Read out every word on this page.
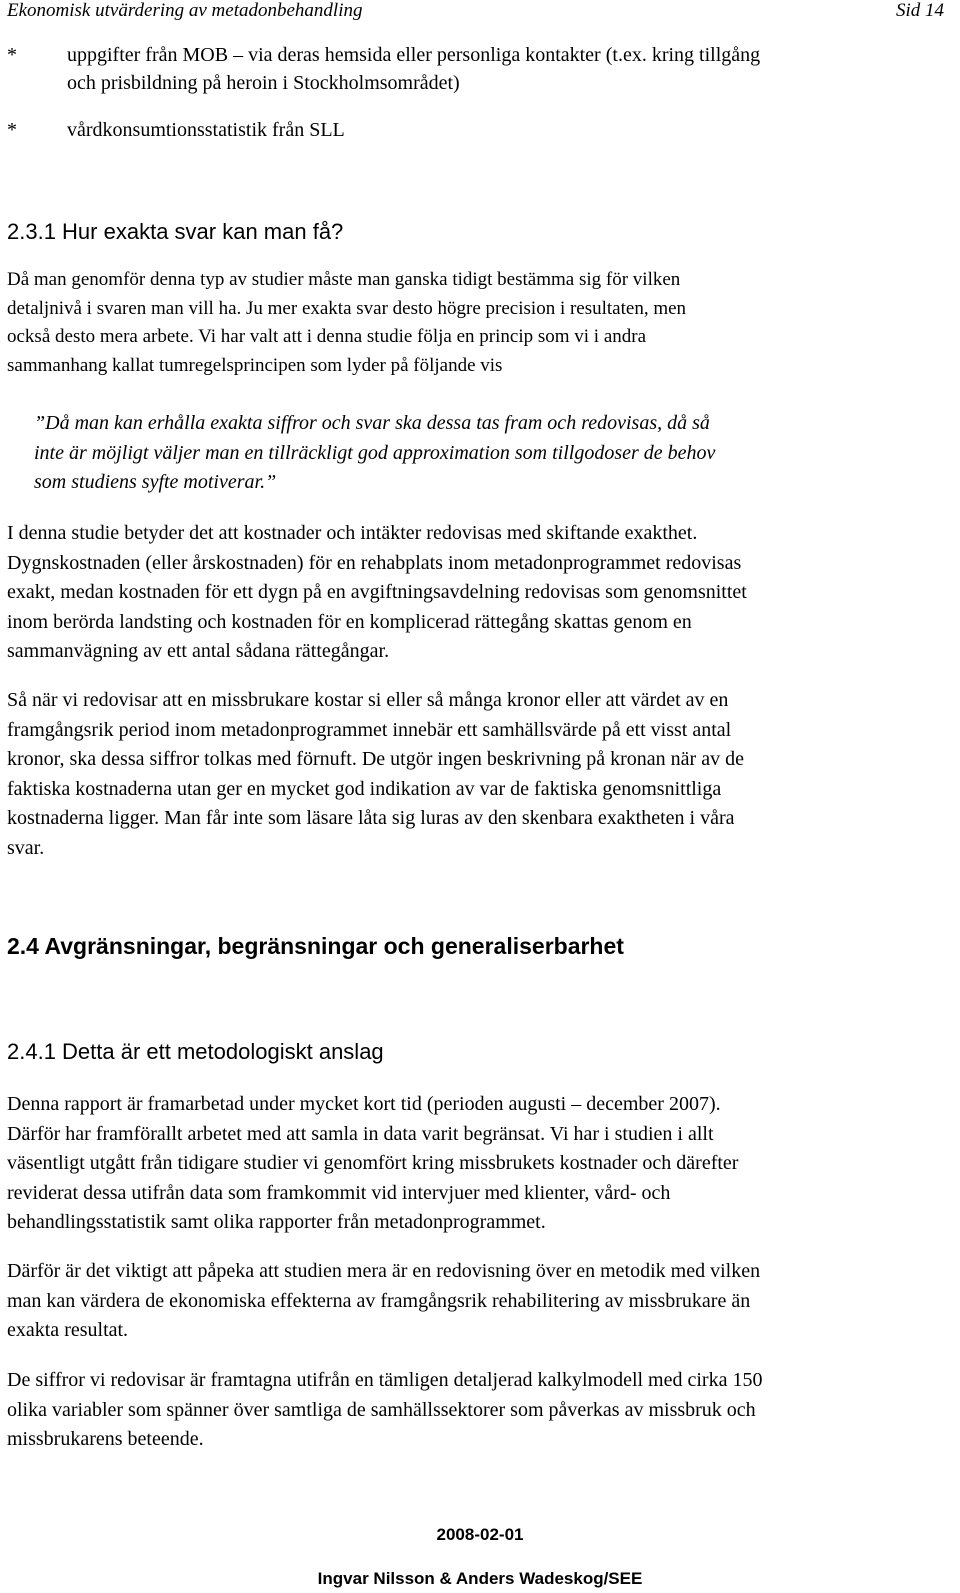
Ekonomisk utvärdering av metadonbehandling	Sid 14
*	uppgifter från MOB – via deras hemsida eller personliga kontakter (t.ex. kring tillgång
och prisbildning på heroin i Stockholmsområdet)
*	vårdkonsumtionsstatistik från SLL
2.3.1 Hur exakta svar kan man få?
Då man genomför denna typ av studier måste man ganska tidigt bestämma sig för vilken
detaljnivå i svaren man vill ha. Ju mer exakta svar desto högre precision i resultaten, men
också desto mera arbete. Vi har valt att i denna studie följa en princip som vi i andra
sammanhang kallat tumregelsprincipen som lyder på följande vis
”Då man kan erhålla exakta siffror och svar ska dessa tas fram och redovisas, då så
inte är möjligt väljer man en tillräckligt god approximation som tillgodoser de behov
som studiens syfte motiverar.”
I denna studie betyder det att kostnader och intäkter redovisas med skiftande exakthet.
Dygnskostnaden (eller årskostnaden) för en rehabplats inom metadonprogrammet redovisas
exakt, medan kostnaden för ett dygn på en avgiftningsavdelning redovisas som genomsnittet
inom berörda landsting och kostnaden för en komplicerad rättegång skattas genom en
sammanvägning av ett antal sådana rättegångar.
Så när vi redovisar att en missbrukare kostar si eller så många kronor eller att värdet av en
framgångsrik period inom metadonprogrammet innebär ett samhällsvärde på ett visst antal
kronor, ska dessa siffror tolkas med förnuft. De utgör ingen beskrivning på kronan när av de
faktiska kostnaderna utan ger en mycket god indikation av var de faktiska genomsnittliga
kostnaderna ligger. Man får inte som läsare låta sig luras av den skenbara exaktheten i våra
svar.
2.4 Avgränsningar, begränsningar och generaliserbarhet
2.4.1 Detta är ett metodologiskt anslag
Denna rapport är framarbetad under mycket kort tid (perioden augusti – december 2007).
Därför har framförallt arbetet med att samla in data varit begränsat. Vi har i studien i allt
väsentligt utgått från tidigare studier vi genomfört kring missbrukets kostnader och därefter
reviderat dessa utifrån data som framkommit vid intervjuer med klienter, vård- och
behandlingsstatistik samt olika rapporter från metadonprogrammet.
Därför är det viktigt att påpeka att studien mera är en redovisning över en metodik med vilken
man kan värdera de ekonomiska effekterna av framgångsrik rehabilitering av missbrukare än
exakta resultat.
De siffror vi redovisar är framtagna utifrån en tämligen detaljerad kalkylmodell med cirka 150
olika variabler som spänner över samtliga de samhällssektorer som påverkas av missbruk och
missbrukarens beteende.
2008-02-01
Ingvar Nilsson & Anders Wadeskog/SEE
